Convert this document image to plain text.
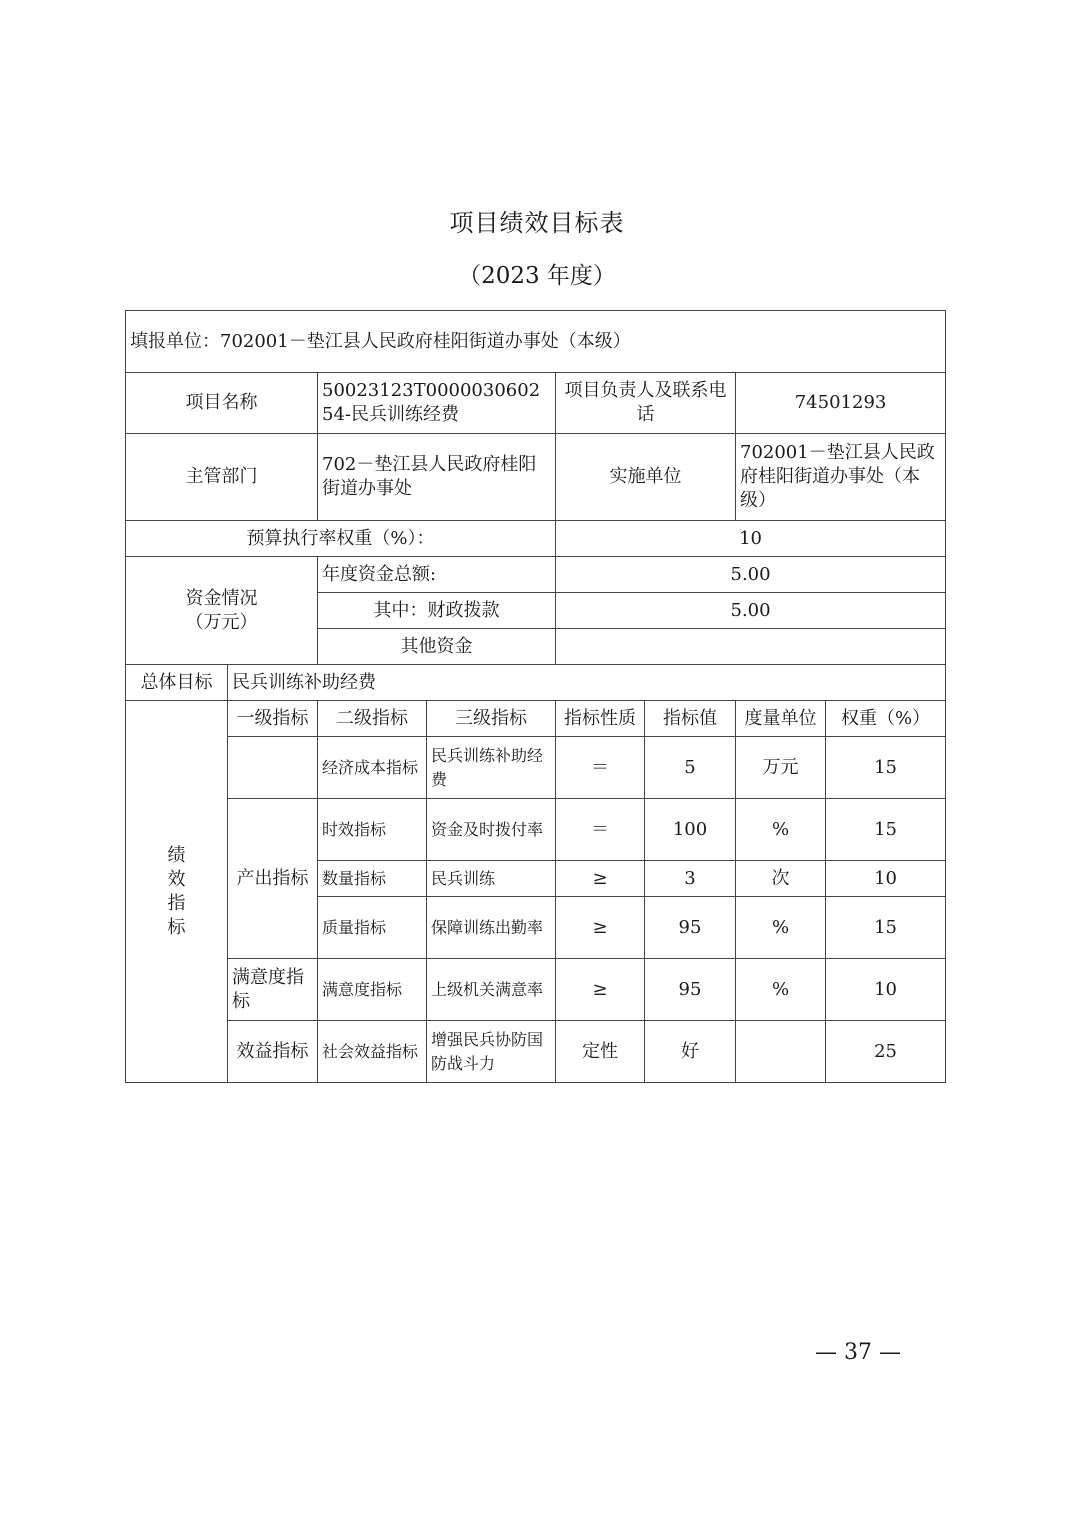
项目绩效目标表
（2023 年度）
填报单位：702001－垫江县人民政府桂阳街道办事处（本级）							
项目名称		50023123T000003060254-民兵训练经费		项目负责人及联系电话		74501293	
主管部门		702－垫江县人民政府桂阳 街道办事处		实施单位		702001－垫江县人民政府桂阳街道办事处（本级）	
预算执行率权重（%）：				10			
资金情况（万元）		年度资金总额:		5.00			
		其中：财政拨款		5.00			
		其他资金					
总体目标	民兵训练补助经费						
绩效指标	一级指标	二级指标	三级指标	指标性质	指标值	度量单位	权重（%）
		经济成本指标	民兵训练补助经费	＝	5	万元	15
	产出指标	时效指标	资金及时拨付率	＝	100	%	15
		数量指标	民兵训练	≥	3	次	10
		质量指标	保障训练出勤率	≥	95	%	15
	满意度指标	满意度指标	上级机关满意率	≥	95	%	10
	效益指标	社会效益指标	增强民兵协防国防战斗力	定性	好		25
— 37 —
